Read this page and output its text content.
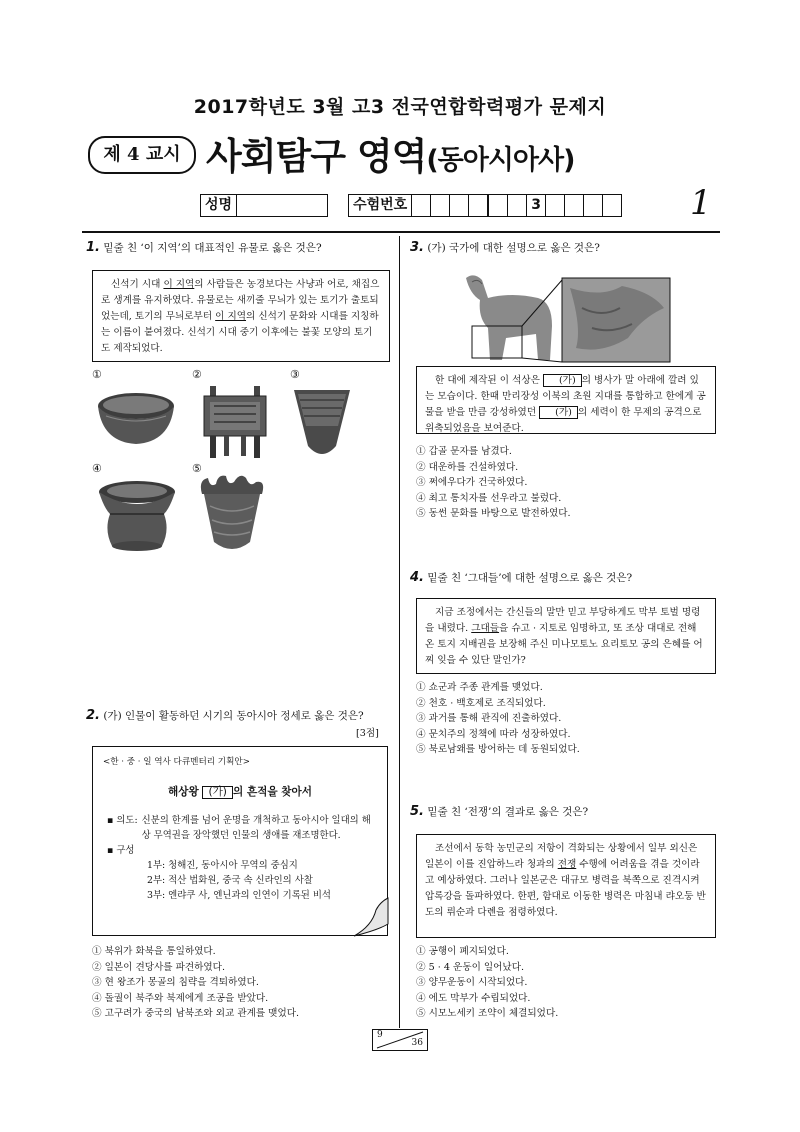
2017학년도 3월 고3 전국연합학력평가 문제지
제 4 교시 사회탐구 영역(동아시아사)
성명	수험번호	3	1
1. 밑줄 친 ‘이 지역’의 대표적인 유물로 옳은 것은?
신석기 시대 이 지역의 사람들은 농경보다는 사냥과 어로, 채집으로 생계를 유지하였다. 유물로는 새끼줄 무늬가 있는 토기가 출토되었는데, 토기의 무늬로부터 이 지역의 신석기 문화와 시대를 지칭하는 이름이 붙여졌다. 신석기 시대 중기 이후에는 불꽃 모양의 토기도 제작되었다.
①	②	③
④	⑤
2. (가) 인물이 활동하던 시기의 동아시아 정세로 옳은 것은?
[3점]
<한 · 중 · 일 역사 다큐멘터리 기획안>
해상왕 (가) 의 흔적을 찾아서
▪ 의도: 신분의 한계를 넘어 운명을 개척하고 동아시아 일대의 해상 무역권을 장악했던 인물의 생애를 재조명한다.
▪ 구성
1부: 청해진, 동아시아 무역의 중심지
2부: 적산 법화원, 중국 속 신라인의 사찰
3부: 엔랴쿠 사, 엔닌과의 인연이 기록된 비석
① 북위가 화북을 통일하였다.
② 일본이 견당사를 파견하였다.
③ 현 왕조가 몽골의 침략을 격퇴하였다.
④ 돌궐이 북주와 북제에게 조공을 받았다.
⑤ 고구려가 중국의 남북조와 외교 관계를 맺었다.
3. (가) 국가에 대한 설명으로 옳은 것은?
한 대에 제작된 이 석상은 (가) 의 병사가 말 아래에 깔려 있는 모습이다. 한때 만리장성 이북의 초원 지대를 통합하고 한에게 공물을 받을 만큼 강성하였던 (가) 의 세력이 한 무제의 공격으로 위축되었음을 보여준다.
① 갑골 문자를 남겼다.
② 대운하를 건설하였다.
③ 쩌에우다가 건국하였다.
④ 최고 통치자를 선우라고 불렀다.
⑤ 동썬 문화를 바탕으로 발전하였다.
4. 밑줄 친 ‘그대들’에 대한 설명으로 옳은 것은?
지금 조정에서는 간신들의 말만 믿고 부당하게도 막부 토벌 명령을 내렸다. 그대들을 슈고 · 지토로 임명하고, 또 조상 대대로 전해 온 토지 지배권을 보장해 주신 미나모토노 요리토모 공의 은혜를 어찌 잊을 수 있단 말인가?
① 쇼군과 주종 관계를 맺었다.
② 천호 · 백호제로 조직되었다.
③ 과거를 통해 관직에 진출하였다.
④ 문치주의 정책에 따라 성장하였다.
⑤ 북로남왜를 방어하는 데 동원되었다.
5. 밑줄 친 ‘전쟁’의 결과로 옳은 것은?
조선에서 동학 농민군의 저항이 격화되는 상황에서 일부 외신은 일본이 이를 진압하느라 청과의 전쟁 수행에 어려움을 겪을 것이라고 예상하였다. 그러나 일본군은 대규모 병력을 북쪽으로 진격시켜 압록강을 돌파하였다. 한편, 함대로 이동한 병력은 마침내 랴오둥 반도의 뤼순과 다롄을 점령하였다.
① 공행이 폐지되었다.
② 5 · 4 운동이 일어났다.
③ 양무운동이 시작되었다.
④ 에도 막부가 수립되었다.
⑤ 시모노세키 조약이 체결되었다.
9
36
